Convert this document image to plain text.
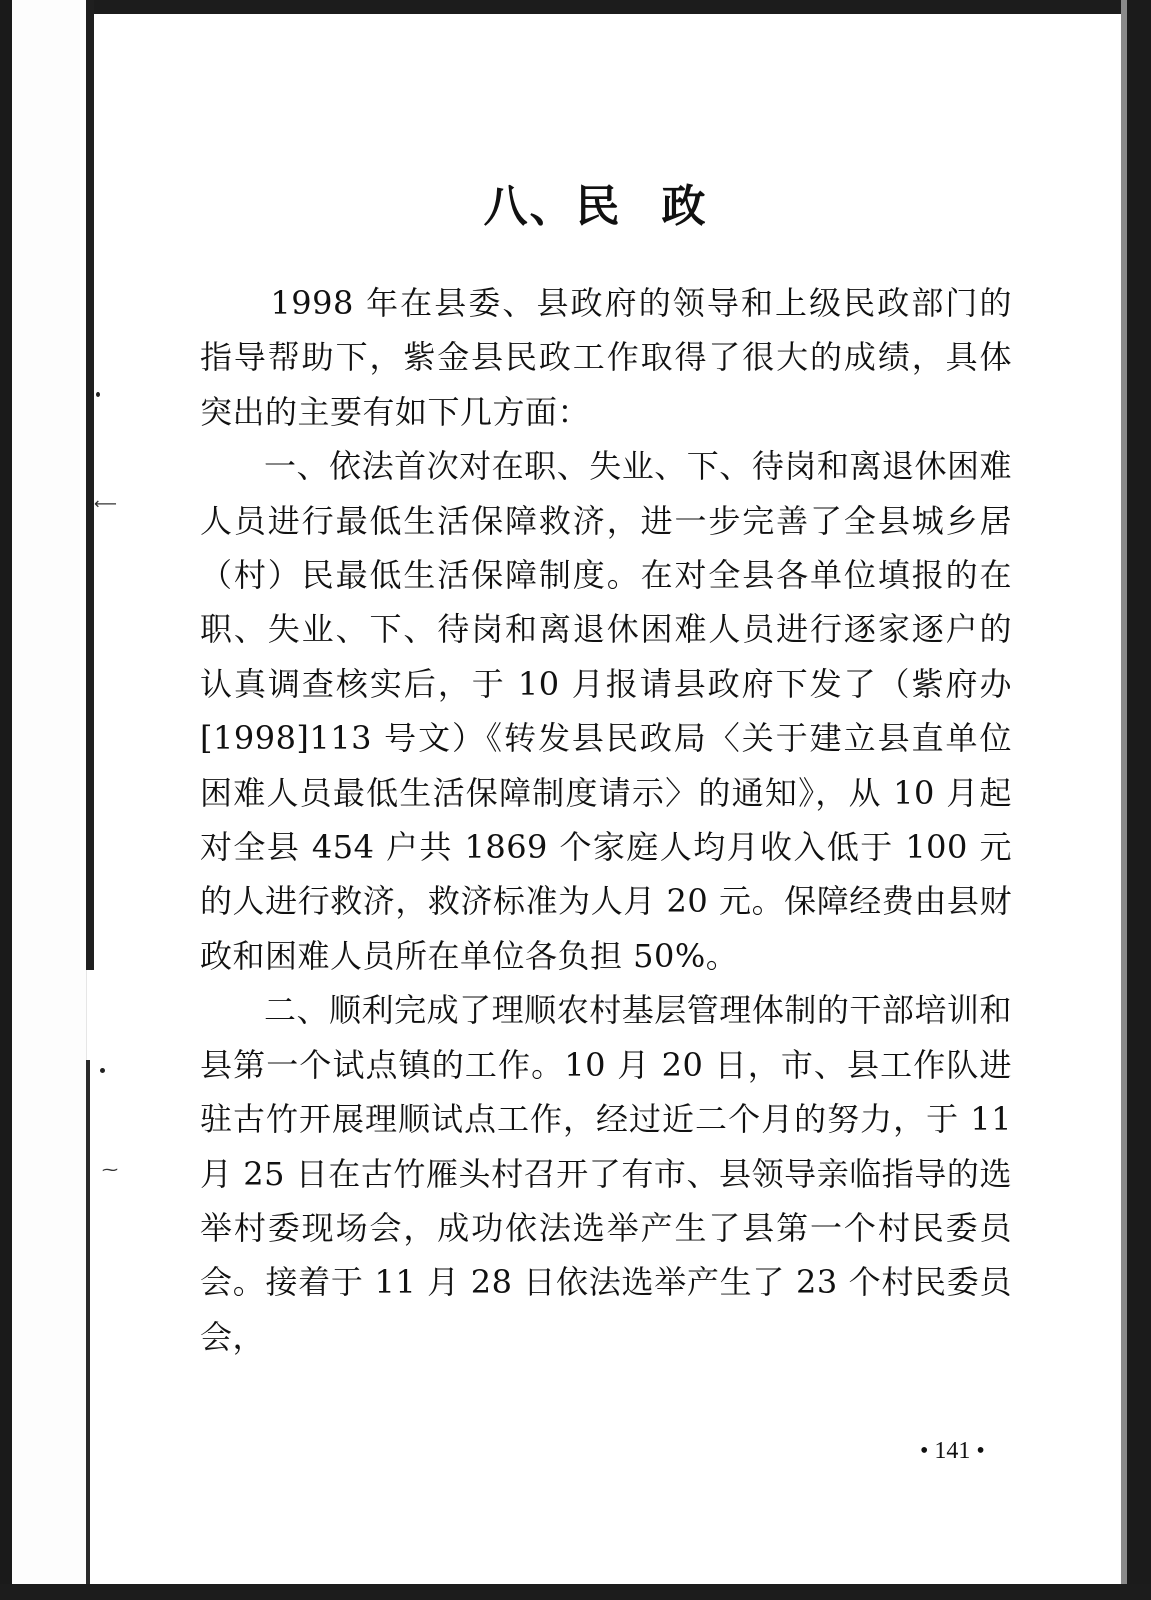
⟵
⁓
八、民 政

1998 年在县委、县政府的领导和上级民政部门的指导帮助下，紫金县民政工作取得了很大的成绩，具体突出的主要有如下几方面：

一、依法首次对在职、失业、下、待岗和离退休困难人员进行最低生活保障救济，进一步完善了全县城乡居（村）民最低生活保障制度。在对全县各单位填报的在职、失业、下、待岗和离退休困难人员进行逐家逐户的认真调查核实后，于 10 月报请县政府下发了（紫府办[1998]113 号文）《转发县民政局〈关于建立县直单位困难人员最低生活保障制度请示〉的通知》，从 10 月起对全县 454 户共 1869 个家庭人均月收入低于 100 元的人进行救济，救济标准为人月 20 元。保障经费由县财政和困难人员所在单位各负担 50%。

二、顺利完成了理顺农村基层管理体制的干部培训和县第一个试点镇的工作。10 月 20 日，市、县工作队进驻古竹开展理顺试点工作，经过近二个月的努力，于 11 月 25 日在古竹雁头村召开了有市、县领导亲临指导的选举村委现场会，成功依法选举产生了县第一个村民委员会。接着于 11 月 28 日依法选举产生了 23 个村民委员会，

• 141 •
